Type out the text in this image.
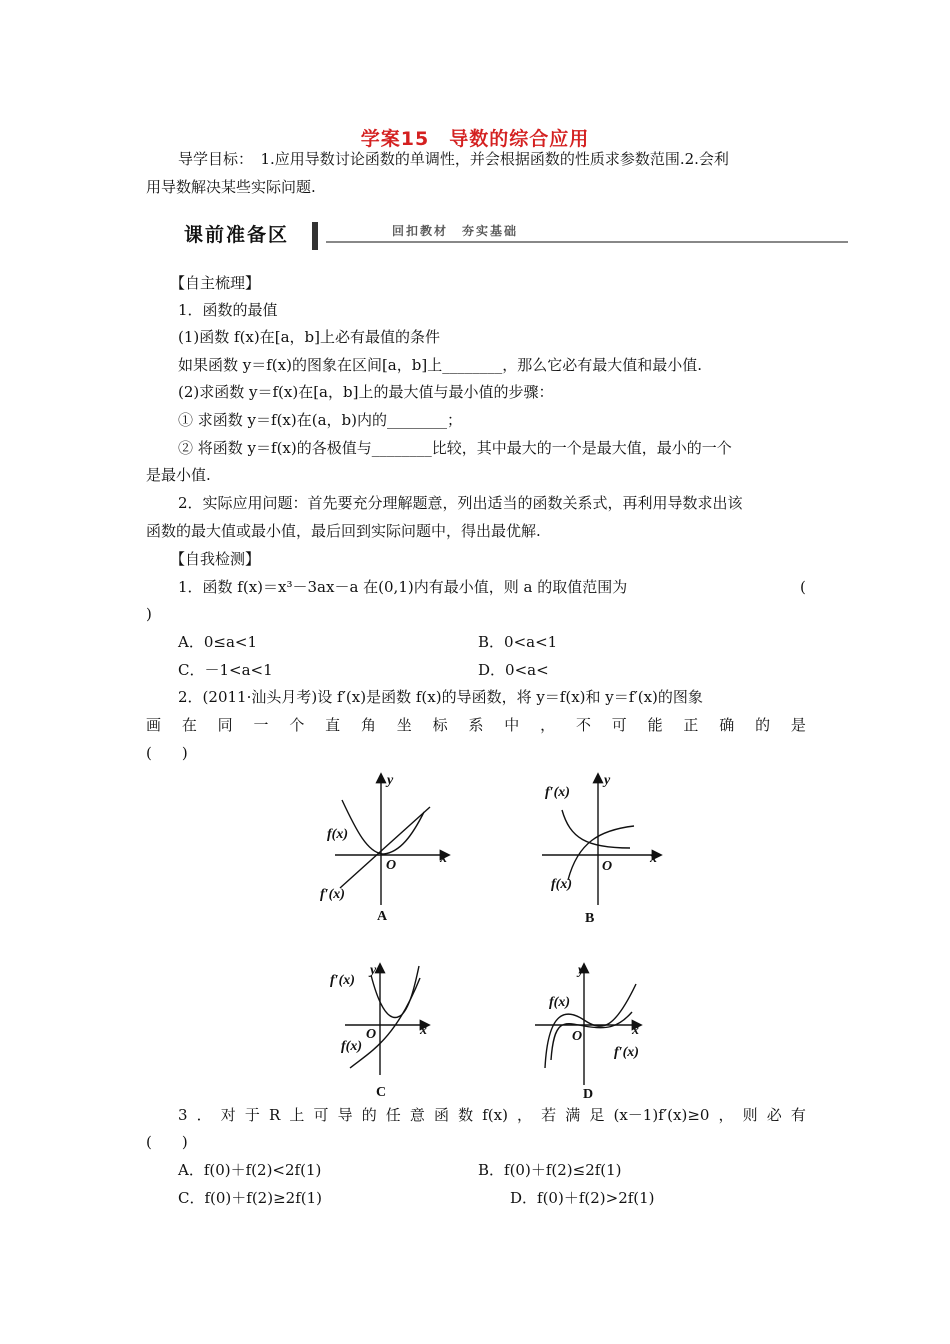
学案15　导数的综合应用
导学目标：　1.应用导数讨论函数的单调性，并会根据函数的性质求参数范围.2.会利
用导数解决某些实际问题.
课前准备区	回扣教材　夯实基础
【自主梳理】
1．函数的最值
(1)函数 f(x)在[a，b]上必有最值的条件
如果函数 y＝f(x)的图象在区间[a，b]上________，那么它必有最大值和最小值.
(2)求函数 y＝f(x)在[a，b]上的最大值与最小值的步骤：
① 求函数 y＝f(x)在(a，b)内的________；
② 将函数 y＝f(x)的各极值与________比较，其中最大的一个是最大值，最小的一个
是最小值.
2．实际应用问题：首先要充分理解题意，列出适当的函数关系式，再利用导数求出该
函数的最大值或最小值，最后回到实际问题中，得出最优解.
【自我检测】
1．函数 f(x)＝x³－3ax－a 在(0,1)内有最小值，则 a 的取值范围为	(
)
A．0≤a<1	B．0<a<1
C．－1<a<1	D．0<a<
2．(2011·汕头月考)设 f′(x)是函数 f(x)的导函数，将 y＝f(x)和 y＝f′(x)的图象
画 在 同 一 个 直 角 坐 标 系 中 ， 不 可 能 正 确 的 是
(　　)
f(x)
f′(x)
O	x
y
A
f′(x)
f(x)
O
x
y
B
f′(x)
f(x)
O	x
y
C
f(x)
f′(x)
O	x
y
D
3 ． 对 于 R 上 可 导 的 任 意 函 数 f(x) ， 若 满 足 (x－1)f′(x)≥0 ， 则 必 有
(　　)
A．f(0)＋f(2)<2f(1)	B．f(0)＋f(2)≤2f(1)
C．f(0)＋f(2)≥2f(1)	D．f(0)＋f(2)>2f(1)
